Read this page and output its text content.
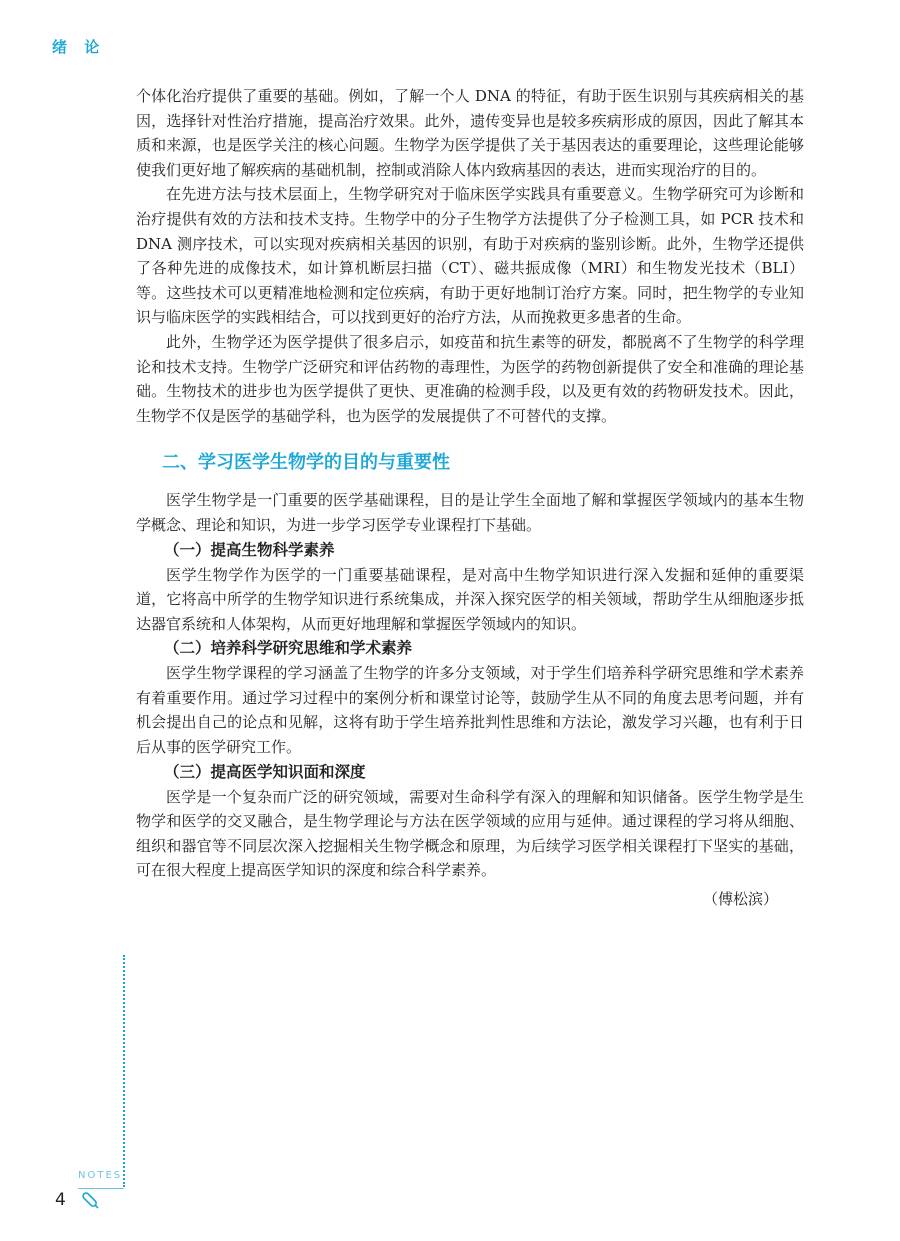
绪 论

个体化治疗提供了重要的基础。例如，了解一个人 DNA 的特征，有助于医生识别与其疾病相关的基因，选择针对性治疗措施，提高治疗效果。此外，遗传变异也是较多疾病形成的原因，因此了解其本质和来源，也是医学关注的核心问题。生物学为医学提供了关于基因表达的重要理论，这些理论能够使我们更好地了解疾病的基础机制，控制或消除人体内致病基因的表达，进而实现治疗的目的。

在先进方法与技术层面上，生物学研究对于临床医学实践具有重要意义。生物学研究可为诊断和治疗提供有效的方法和技术支持。生物学中的分子生物学方法提供了分子检测工具，如 PCR 技术和 DNA 测序技术，可以实现对疾病相关基因的识别，有助于对疾病的鉴别诊断。此外，生物学还提供了各种先进的成像技术，如计算机断层扫描（CT）、磁共振成像（MRI）和生物发光技术（BLI）等。这些技术可以更精准地检测和定位疾病，有助于更好地制订治疗方案。同时，把生物学的专业知识与临床医学的实践相结合，可以找到更好的治疗方法，从而挽救更多患者的生命。

此外，生物学还为医学提供了很多启示，如疫苗和抗生素等的研发，都脱离不了生物学的科学理论和技术支持。生物学广泛研究和评估药物的毒理性，为医学的药物创新提供了安全和准确的理论基础。生物技术的进步也为医学提供了更快、更准确的检测手段，以及更有效的药物研发技术。因此，生物学不仅是医学的基础学科，也为医学的发展提供了不可替代的支撑。

二、学习医学生物学的目的与重要性

医学生物学是一门重要的医学基础课程，目的是让学生全面地了解和掌握医学领域内的基本生物学概念、理论和知识，为进一步学习医学专业课程打下基础。

（一）提高生物科学素养

医学生物学作为医学的一门重要基础课程，是对高中生物学知识进行深入发掘和延伸的重要渠道，它将高中所学的生物学知识进行系统集成，并深入探究医学的相关领域，帮助学生从细胞逐步抵达器官系统和人体架构，从而更好地理解和掌握医学领域内的知识。

（二）培养科学研究思维和学术素养

医学生物学课程的学习涵盖了生物学的许多分支领域，对于学生们培养科学研究思维和学术素养有着重要作用。通过学习过程中的案例分析和课堂讨论等，鼓励学生从不同的角度去思考问题，并有机会提出自己的论点和见解，这将有助于学生培养批判性思维和方法论，激发学习兴趣，也有利于日后从事的医学研究工作。

（三）提高医学知识面和深度

医学是一个复杂而广泛的研究领域，需要对生命科学有深入的理解和知识储备。医学生物学是生物学和医学的交叉融合，是生物学理论与方法在医学领域的应用与延伸。通过课程的学习将从细胞、组织和器官等不同层次深入挖掘相关生物学概念和原理，为后续学习医学相关课程打下坚实的基础，可在很大程度上提高医学知识的深度和综合科学素养。

（傅松滨）

NOTES
4
